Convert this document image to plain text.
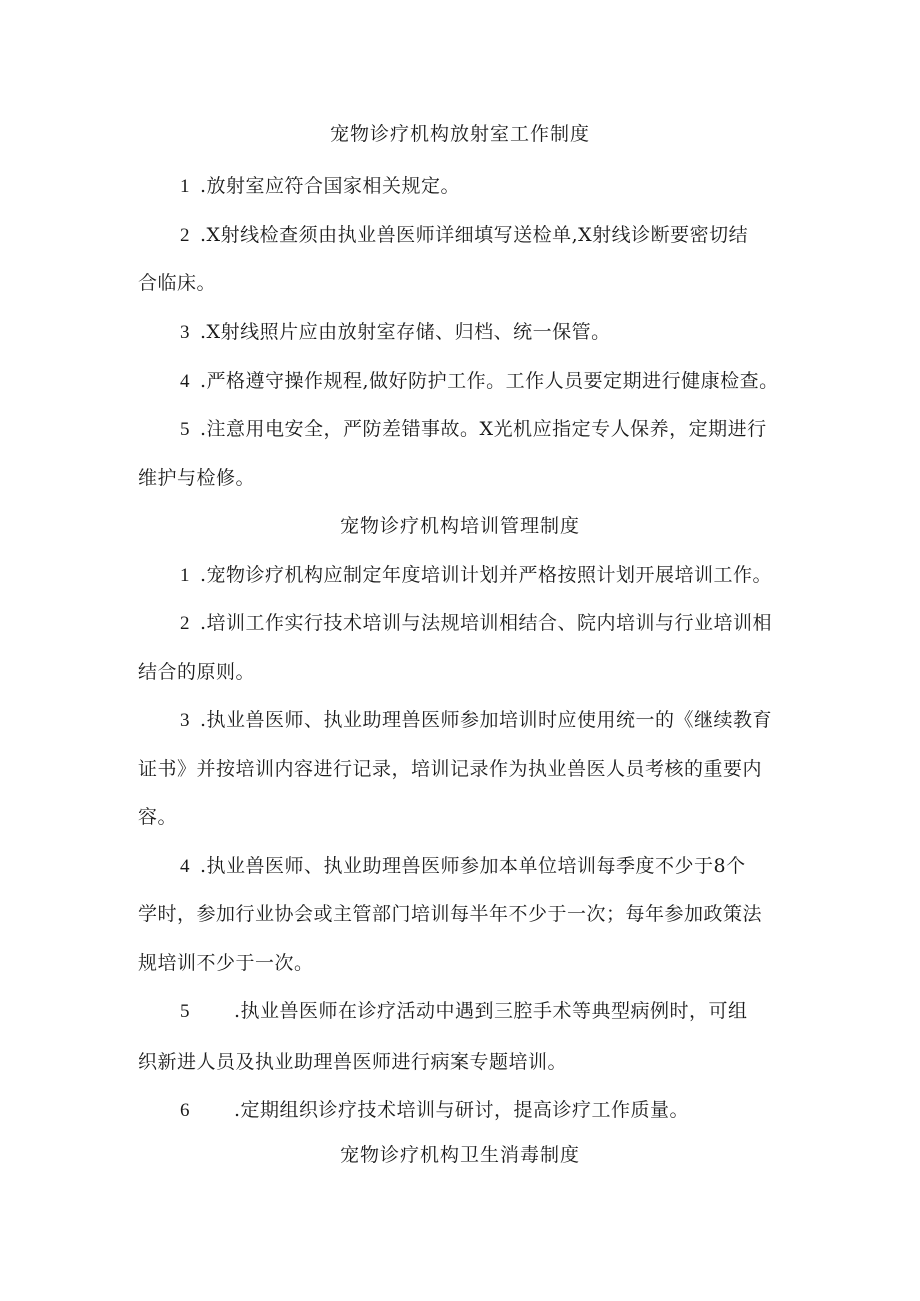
宠物诊疗机构放射室工作制度
1 .放射室应符合国家相关规定。
2 .X射线检查须由执业兽医师详细填写送检单,X射线诊断要密切结
合临床。
3 .X射线照片应由放射室存储、归档、统一保管。
4 .严格遵守操作规程,做好防护工作。工作人员要定期进行健康检查。
5 .注意用电安全，严防差错事故。X光机应指定专人保养，定期进行
维护与检修。
宠物诊疗机构培训管理制度
1 .宠物诊疗机构应制定年度培训计划并严格按照计划开展培训工作。
2 .培训工作实行技术培训与法规培训相结合、院内培训与行业培训相
结合的原则。
3 .执业兽医师、执业助理兽医师参加培训时应使用统一的《继续教育
证书》并按培训内容进行记录，培训记录作为执业兽医人员考核的重要内
容。
4 .执业兽医师、执业助理兽医师参加本单位培训每季度不少于8个
学时，参加行业协会或主管部门培训每半年不少于一次；每年参加政策法
规培训不少于一次。
5 .执业兽医师在诊疗活动中遇到三腔手术等典型病例时，可组
织新进人员及执业助理兽医师进行病案专题培训。
6 .定期组织诊疗技术培训与研讨，提高诊疗工作质量。
宠物诊疗机构卫生消毒制度
